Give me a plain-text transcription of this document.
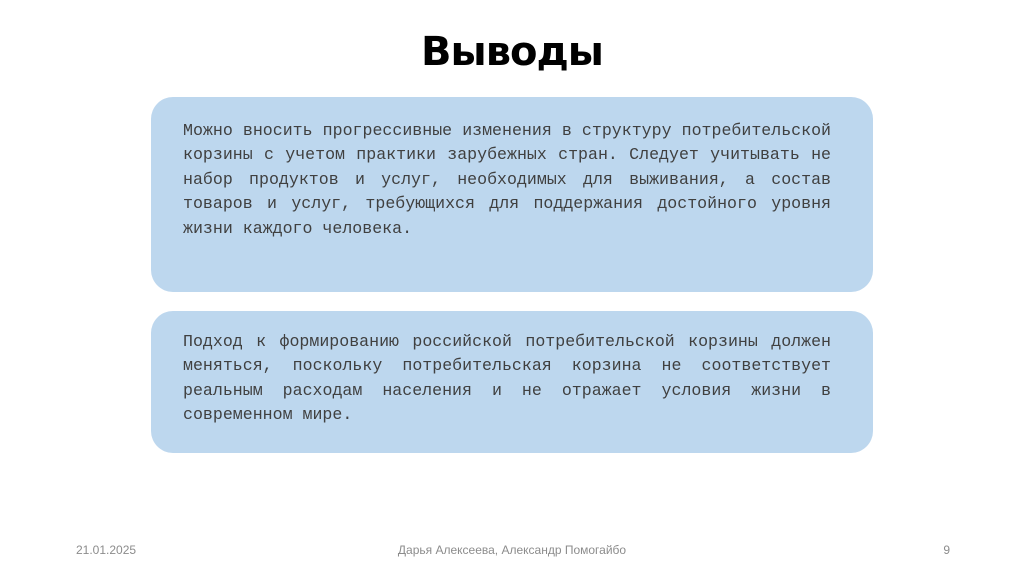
Выводы

Можно вносить прогрессивные изменения в структуру потребительской корзины с учетом практики зарубежных стран. Следует учитывать не набор продуктов и услуг, необходимых для выживания, а состав товаров и услуг, требующихся для поддержания достойного уровня жизни каждого человека.

Подход к формированию российской потребительской корзины должен меняться, поскольку потребительская корзина не соответствует реальным расходам населения и не отражает условия жизни в современном мире.

21.01.2025	Дарья Алексеева, Александр Помогайбо	9
